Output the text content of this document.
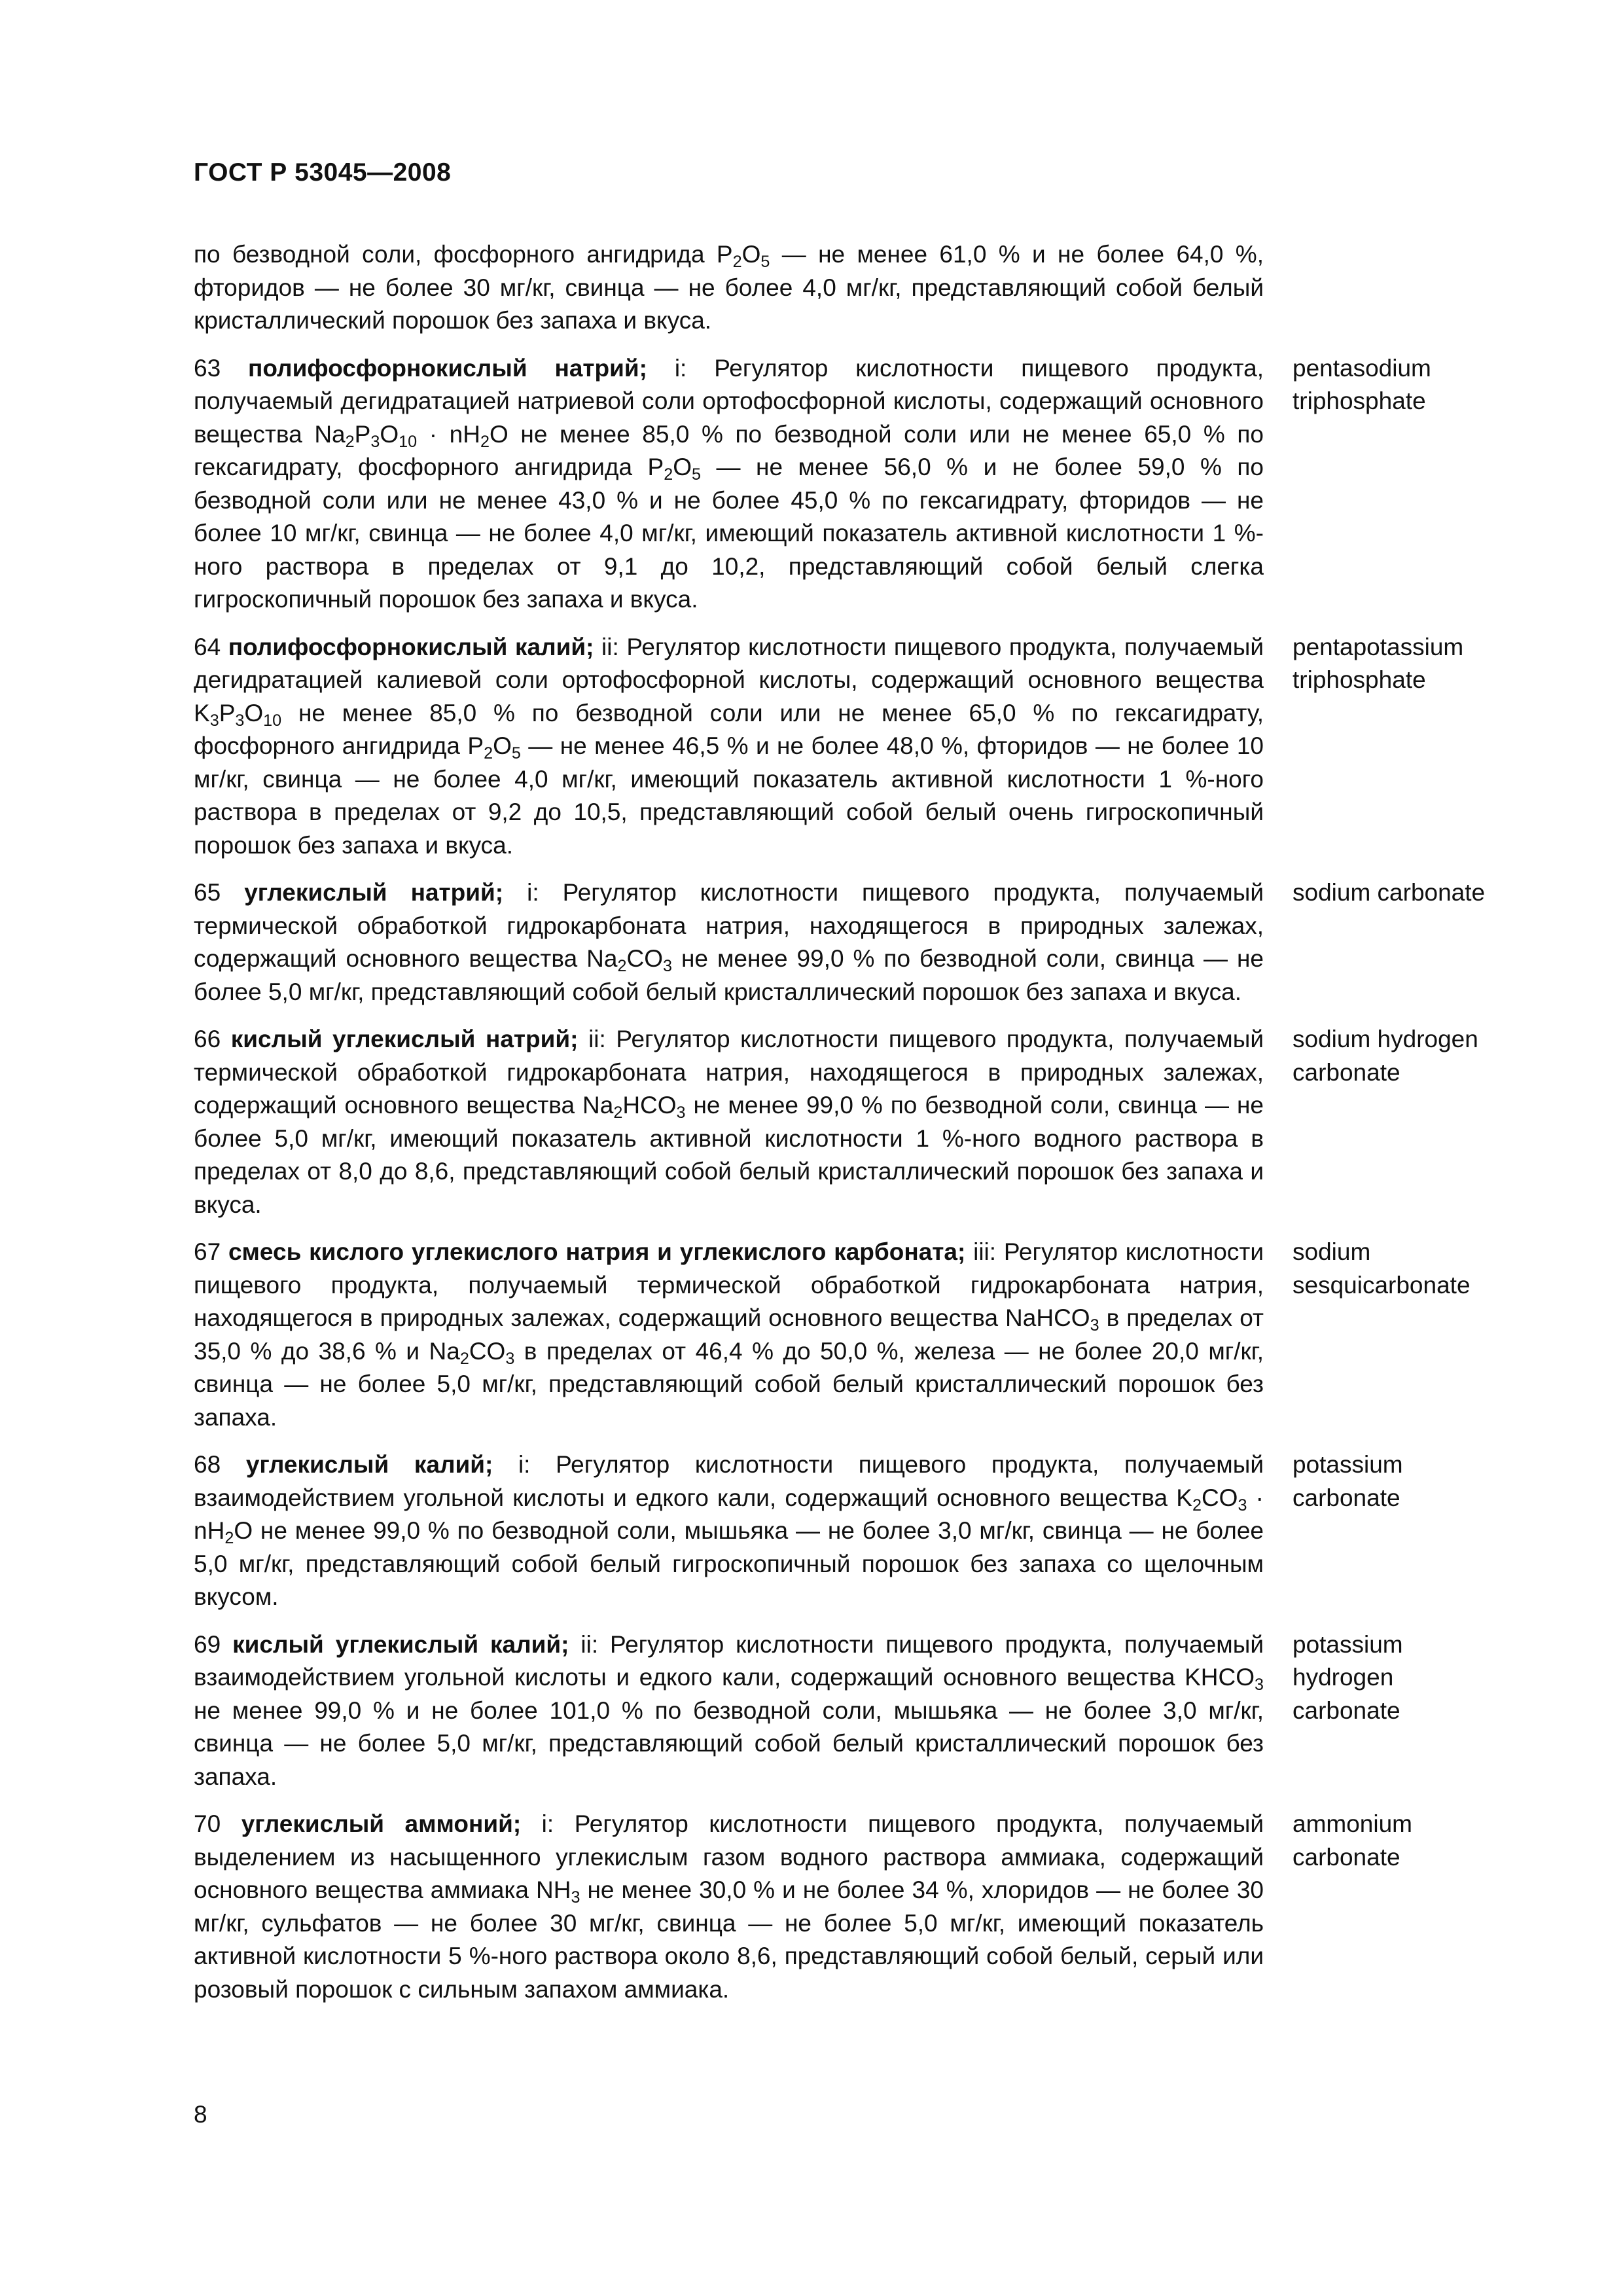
ГОСТ Р 53045—2008
по безводной соли, фосфорного ангидрида $P_2O_5$ — не менее 61,0 % и не более 64,0 %, фторидов — не более 30 мг/кг, свинца — не более 4,0 мг/кг, представляющий собой белый кристаллический порошок без запаха и вкуса.
63 полифосфорнокислый натрий; i: Регулятор кислотности пищевого продукта, получаемый дегидратацией натриевой соли ортофосфорной кислоты, содержащий основного вещества $Na_2P_3O_{10} \cdot nH_2O$ не менее 85,0 % по безводной соли или не менее 65,0 % по гексагидрату, фосфорного ангидрида $P_2O_5$ — не менее 56,0 % и не более 59,0 % по безводной соли или не менее 43,0 % и не более 45,0 % по гексагидрату, фторидов — не более 10 мг/кг, свинца — не более 4,0 мг/кг, имеющий показатель активной кислотности 1 %-ного раствора в пределах от 9,1 до 10,2, представляющий собой белый слегка гигроскопичный порошок без запаха и вкуса.
pentasodium
triphosphate
64 полифосфорнокислый калий; ii: Регулятор кислотности пищевого продукта, получаемый дегидратацией калиевой соли ортофосфорной кислоты, содержащий основного вещества $K_3P_3O_{10}$ не менее 85,0 % по безводной соли или не менее 65,0 % по гексагидрату, фосфорного ангидрида $P_2O_5$ — не менее 46,5 % и не более 48,0 %, фторидов — не более 10 мг/кг, свинца — не более 4,0 мг/кг, имеющий показатель активной кислотности 1 %-ного раствора в пределах от 9,2 до 10,5, представляющий собой белый очень гигроскопичный порошок без запаха и вкуса.
pentapotassium
triphosphate
65 углекислый натрий; i: Регулятор кислотности пищевого продукта, получаемый термической обработкой гидрокарбоната натрия, находящегося в природных залежах, содержащий основного вещества $Na_2CO_3$ не менее 99,0 % по безводной соли, свинца — не более 5,0 мг/кг, представляющий собой белый кристаллический порошок без запаха и вкуса.
sodium carbonate
66 кислый углекислый натрий; ii: Регулятор кислотности пищевого продукта, получаемый термической обработкой гидрокарбоната натрия, находящегося в природных залежах, содержащий основного вещества $Na_2HCO_3$ не менее 99,0 % по безводной соли, свинца — не более 5,0 мг/кг, имеющий показатель активной кислотности 1 %-ного водного раствора в пределах от 8,0 до 8,6, представляющий собой белый кристаллический порошок без запаха и вкуса.
sodium hydrogen
carbonate
67 смесь кислого углекислого натрия и углекислого карбоната; iii: Регулятор кислотности пищевого продукта, получаемый термической обработкой гидрокарбоната натрия, находящегося в природных залежах, содержащий основного вещества NaHCO$_3$ в пределах от 35,0 % до 38,6 % и $Na_2CO_3$ в пределах от 46,4 % до 50,0 %, железа — не более 20,0 мг/кг, свинца — не более 5,0 мг/кг, представляющий собой белый кристаллический порошок без запаха.
sodium
sesquicarbonate
68 углекислый калий; i: Регулятор кислотности пищевого продукта, получаемый взаимодействием угольной кислоты и едкого кали, содержащий основного вещества $K_2CO_3 \cdot nH_2O$ не менее 99,0 % по безводной соли, мышьяка — не более 3,0 мг/кг, свинца — не более 5,0 мг/кг, представляющий собой белый гигроскопичный порошок без запаха со щелочным вкусом.
potassium
carbonate
69 кислый углекислый калий; ii: Регулятор кислотности пищевого продукта, получаемый взаимодействием угольной кислоты и едкого кали, содержащий основного вещества $KHCO_3$ не менее 99,0 % и не более 101,0 % по безводной соли, мышьяка — не более 3,0 мг/кг, свинца — не более 5,0 мг/кг, представляющий собой белый кристаллический порошок без запаха.
potassium
hydrogen
carbonate
70 углекислый аммоний; i: Регулятор кислотности пищевого продукта, получаемый выделением из насыщенного углекислым газом водного раствора аммиака, содержащий основного вещества аммиака $NH_3$ не менее 30,0 % и не более 34 %, хлоридов — не более 30 мг/кг, сульфатов — не более 30 мг/кг, свинца — не более 5,0 мг/кг, имеющий показатель активной кислотности 5 %-ного раствора около 8,6, представляющий собой белый, серый или розовый порошок с сильным запахом аммиака.
ammonium
carbonate
8
